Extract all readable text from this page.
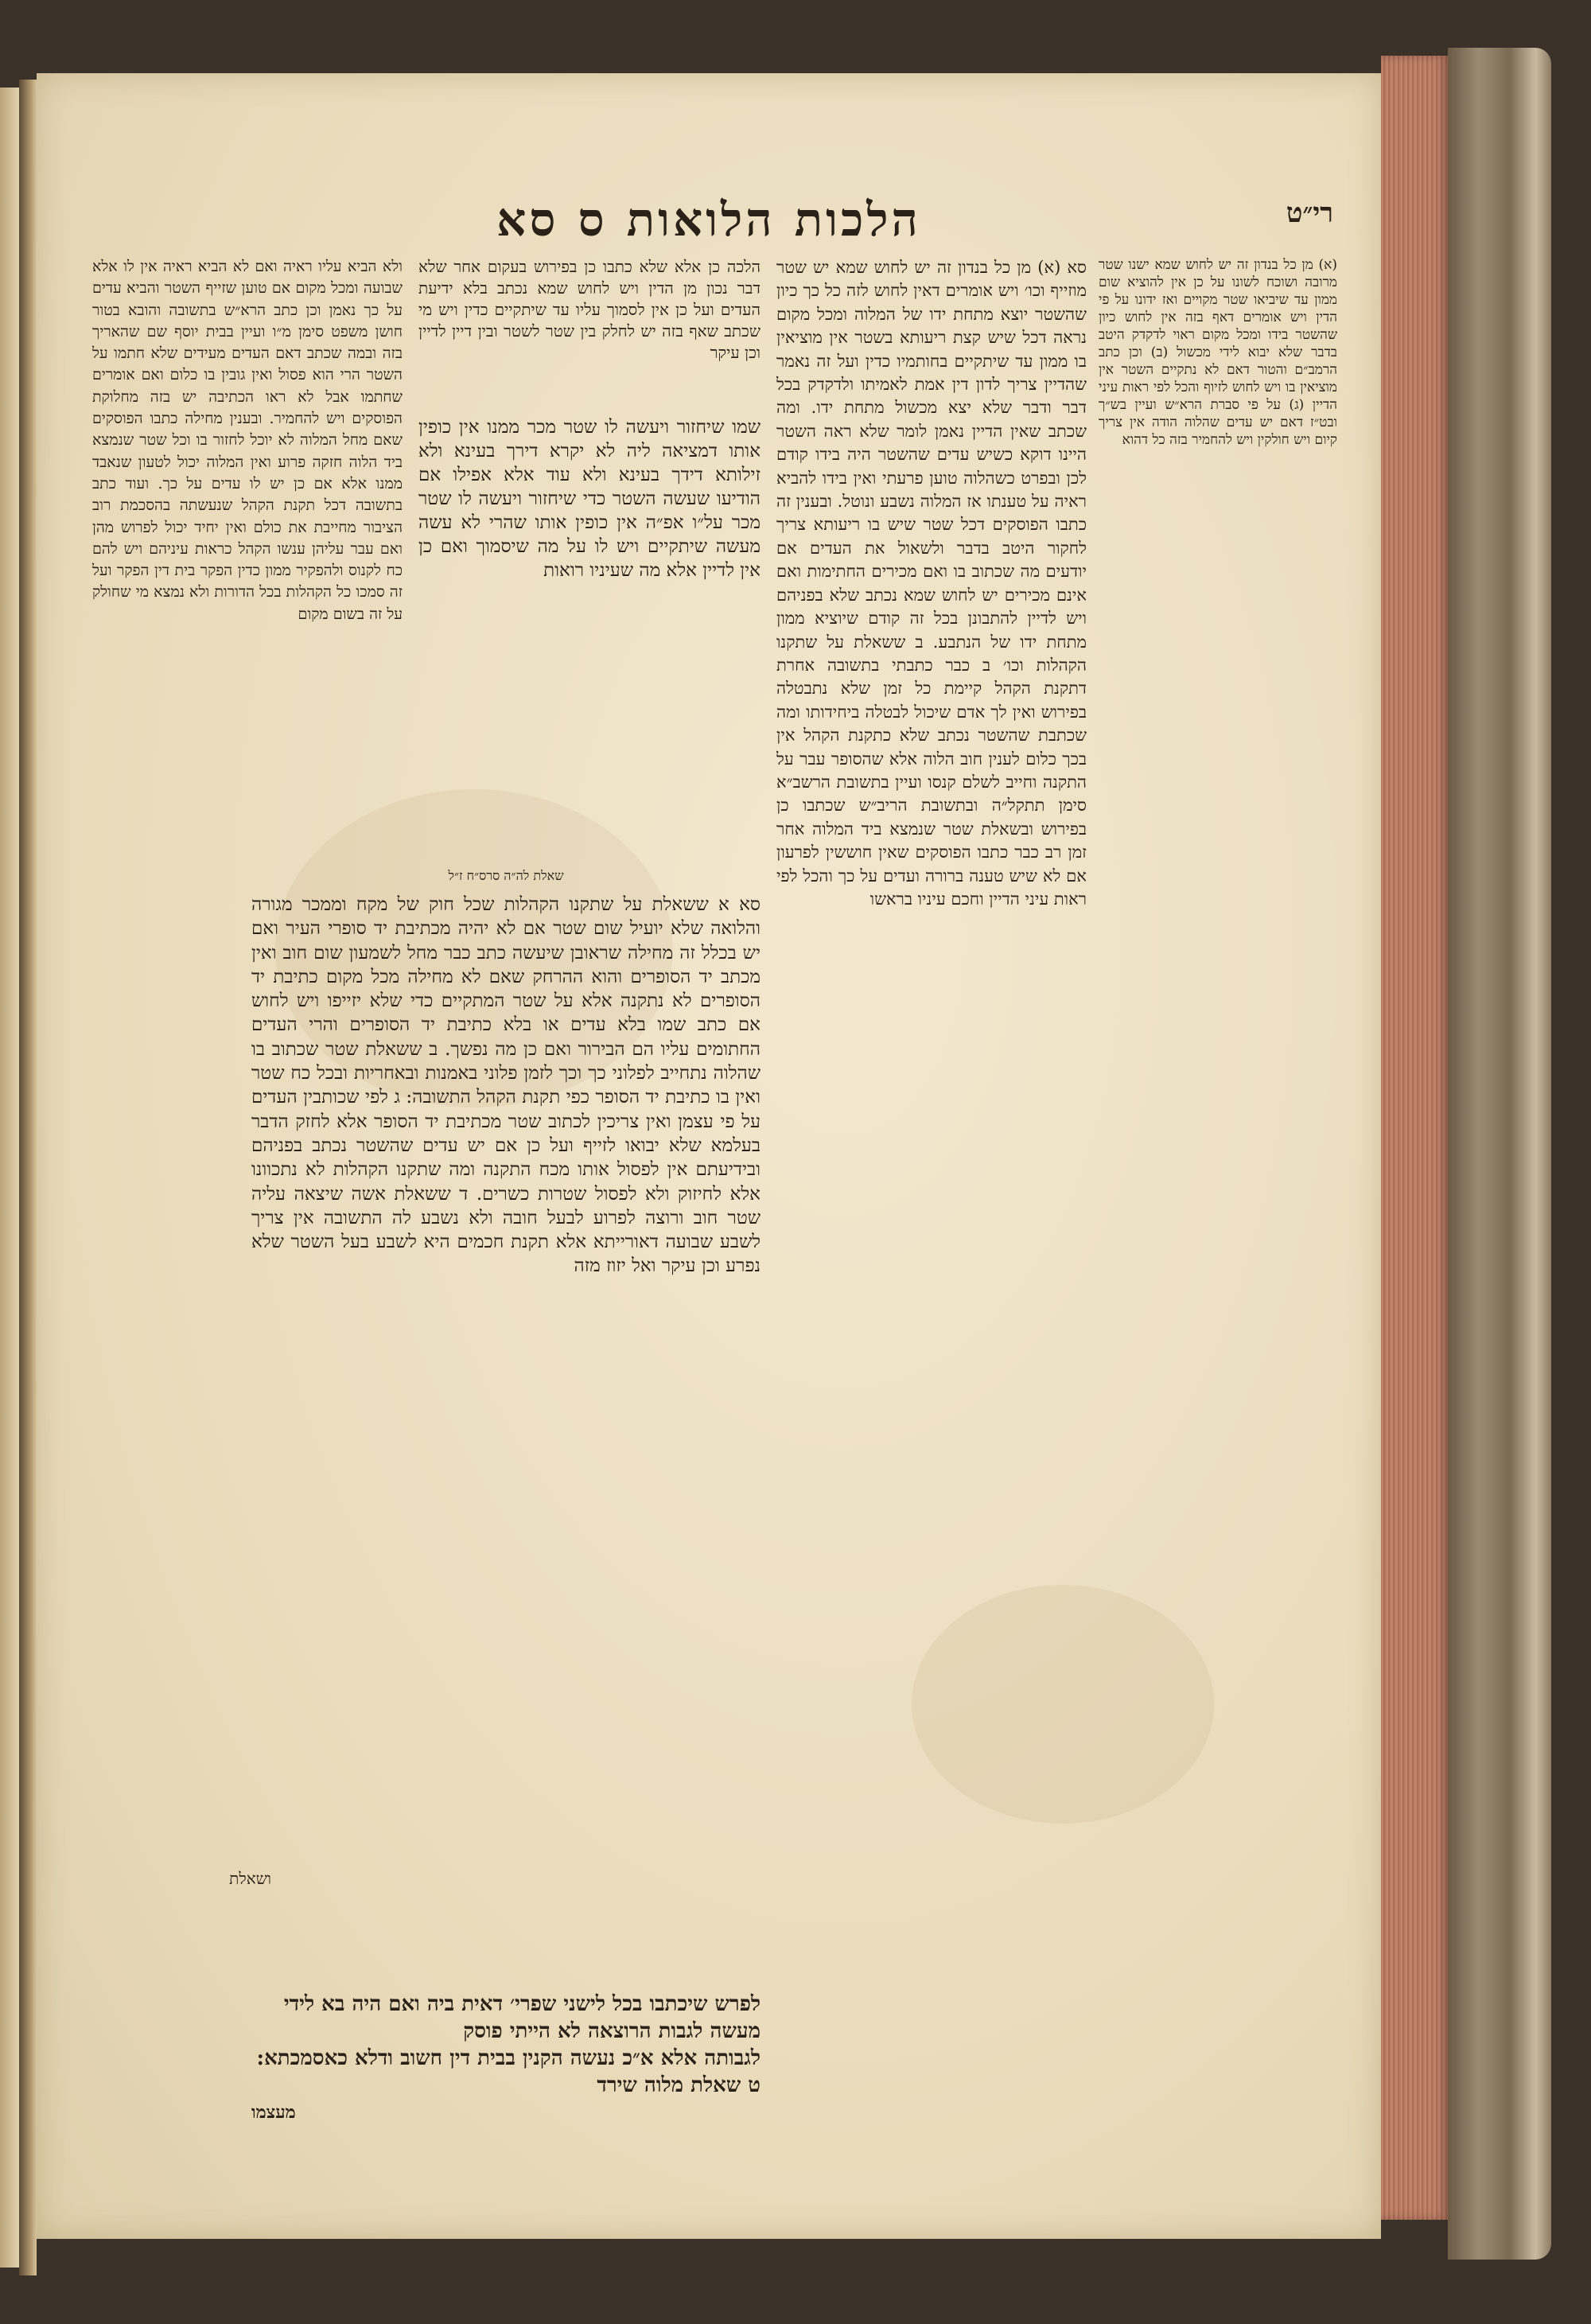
רי״ט
הלכות הלואות ס סא
(א) מן כל בנדון זה יש לחוש שמא ישנו שטר מרובה ושוכח לשונו על כן אין להוציא שום ממון עד שיביאו שטר מקויים ואז ידונו על פי הדין ויש אומרים דאף בזה אין לחוש כיון שהשטר בידו ומכל מקום ראוי לדקדק היטב בדבר שלא יבוא לידי מכשול (ב) וכן כתב הרמב״ם והטור דאם לא נתקיים השטר אין מוציאין בו ויש לחוש לזיוף והכל לפי ראות עיני הדיין (ג) על פי סברת הרא״ש ועיין בש״ך ובט״ז דאם יש עדים שהלוה הודה אין צריך קיום ויש חולקין ויש להחמיר בזה כל דהוא
סא (א) מן כל בנדון זה יש לחוש שמא יש שטר מוזייף וכו׳ ויש אומרים דאין לחוש לזה כל כך כיון שהשטר יוצא מתחת ידו של המלוה ומכל מקום נראה דכל שיש קצת ריעותא בשטר אין מוציאין בו ממון עד שיתקיים בחותמיו כדין ועל זה נאמר שהדיין צריך לדון דין אמת לאמיתו ולדקדק בכל דבר ודבר שלא יצא מכשול מתחת ידו. ומה שכתב שאין הדיין נאמן לומר שלא ראה השטר היינו דוקא כשיש עדים שהשטר היה בידו קודם לכן ובפרט כשהלוה טוען פרעתי ואין בידו להביא ראיה על טענתו אז המלוה נשבע ונוטל. ובענין זה כתבו הפוסקים דכל שטר שיש בו ריעותא צריך לחקור היטב בדבר ולשאול את העדים אם יודעים מה שכתוב בו ואם מכירים החתימות ואם אינם מכירים יש לחוש שמא נכתב שלא בפניהם ויש לדיין להתבונן בכל זה קודם שיוציא ממון מתחת ידו של הנתבע. ב ששאלת על שתקנו הקהלות וכו׳ ב כבר כתבתי בתשובה אחרת דתקנת הקהל קיימת כל זמן שלא נתבטלה בפירוש ואין לך אדם שיכול לבטלה ביחידותו ומה שכתבת שהשטר נכתב שלא כתקנת הקהל אין בכך כלום לענין חוב הלוה אלא שהסופר עבר על התקנה וחייב לשלם קנסו ועיין בתשובת הרשב״א סימן תתקל״ה ובתשובת הריב״ש שכתבו כן בפירוש ובשאלת שטר שנמצא ביד המלוה אחר זמן רב כבר כתבו הפוסקים שאין חוששין לפרעון אם לא שיש טענה ברורה ועדים על כך והכל לפי ראות עיני הדיין וחכם עיניו בראשו
הלכה כן אלא שלא כתבו כן בפירוש בעקום אחר שלא דבר נכון מן הדין ויש לחוש שמא נכתב בלא ידיעת העדים ועל כן אין לסמוך עליו עד שיתקיים כדין ויש מי שכתב שאף בזה יש לחלק בין שטר לשטר ובין דיין לדיין וכן עיקר
שמו שיחזור ויעשה לו שטר מכר ממנו אין כופין אותו דמציאה ליה לא יקרא דירך בעינא ולא זילותא דידך בעינא ולא עוד אלא אפילו אם הודיעו שעשה השטר כדי שיחזור ויעשה לו שטר מכר על״ו אפ״ה אין כופין אותו שהרי לא עשה מעשה שיתקיים ויש לו על מה שיסמוך ואם כן אין לדיין אלא מה שעיניו רואות
שאלת לה״ה סרס״ח ז״ל
סא א ששאלת על שתקנו הקהלות שכל חוק של מקח וממכר מגורה והלואה שלא יועיל שום שטר אם לא יהיה מכתיבת יד סופרי העיר ואם יש בכלל זה מחילה שראובן שיעשה כתב כבר מחל לשמעון שום חוב ואין מכתב יד הסופרים והוא ההרחק שאם לא מחילה מכל מקום כתיבת יד הסופרים לא נתקנה אלא על שטר המתקיים כדי שלא יזייפו ויש לחוש אם כתב שמו בלא עדים או בלא כתיבת יד הסופרים והרי העדים החתומים עליו הם הבירור ואם כן מה נפשך. ב ששאלת שטר שכתוב בו שהלוה נתחייב לפלוני כך וכך לזמן פלוני באמנות ובאחריות ובכל כח שטר ואין בו כתיבת יד הסופר כפי תקנת הקהל התשובה: ג לפי שכותבין העדים על פי עצמן ואין צריכין לכתוב שטר מכתיבת יד הסופר אלא לחזק הדבר בעלמא שלא יבואו לזייף ועל כן אם יש עדים שהשטר נכתב בפניהם ובידיעתם אין לפסול אותו מכח התקנה ומה שתקנו הקהלות לא נתכוונו אלא לחיזוק ולא לפסול שטרות כשרים. ד ששאלת אשה שיצאה עליה שטר חוב ורוצה לפרוע לבעל חובה ולא נשבע לה התשובה אין צריך לשבע שבועה דאורייתא אלא תקנת חכמים היא לשבע בעל השטר שלא נפרע וכן עיקר ואל יזוז מזה
ולא הביא עליו ראיה ואם לא הביא ראיה אין לו אלא שבועה ומכל מקום אם טוען שזייף השטר והביא עדים על כך נאמן וכן כתב הרא״ש בתשובה והובא בטור חושן משפט סימן מ״ו ועיין בבית יוסף שם שהאריך בזה ובמה שכתב דאם העדים מעידים שלא חתמו על השטר הרי הוא פסול ואין גובין בו כלום ואם אומרים שחתמו אבל לא ראו הכתיבה יש בזה מחלוקת הפוסקים ויש להחמיר. ובענין מחילה כתבו הפוסקים שאם מחל המלוה לא יוכל לחזור בו וכל שטר שנמצא ביד הלוה חזקה פרוע ואין המלוה יכול לטעון שנאבד ממנו אלא אם כן יש לו עדים על כך. ועוד כתב בתשובה דכל תקנת הקהל שנעשתה בהסכמת רוב הציבור מחייבת את כולם ואין יחיד יכול לפרוש מהן ואם עבר עליהן ענשו הקהל כראות עיניהם ויש להם כח לקנוס ולהפקיר ממון כדין הפקר בית דין הפקר ועל זה סמכו כל הקהלות בכל הדורות ולא נמצא מי שחולק על זה בשום מקום
ושאלת
לפרש שיכתבו בכל לישני שפרי׳ דאית ביה ואם היה בא לידי מעשה לגבות הרוצאה לא הייתי פוסק
לגבותה אלא א״כ נעשה הקנין בבית דין חשוב ודלא כאסמכתא:
ט שאלת מלוה שירד
מעצמו
